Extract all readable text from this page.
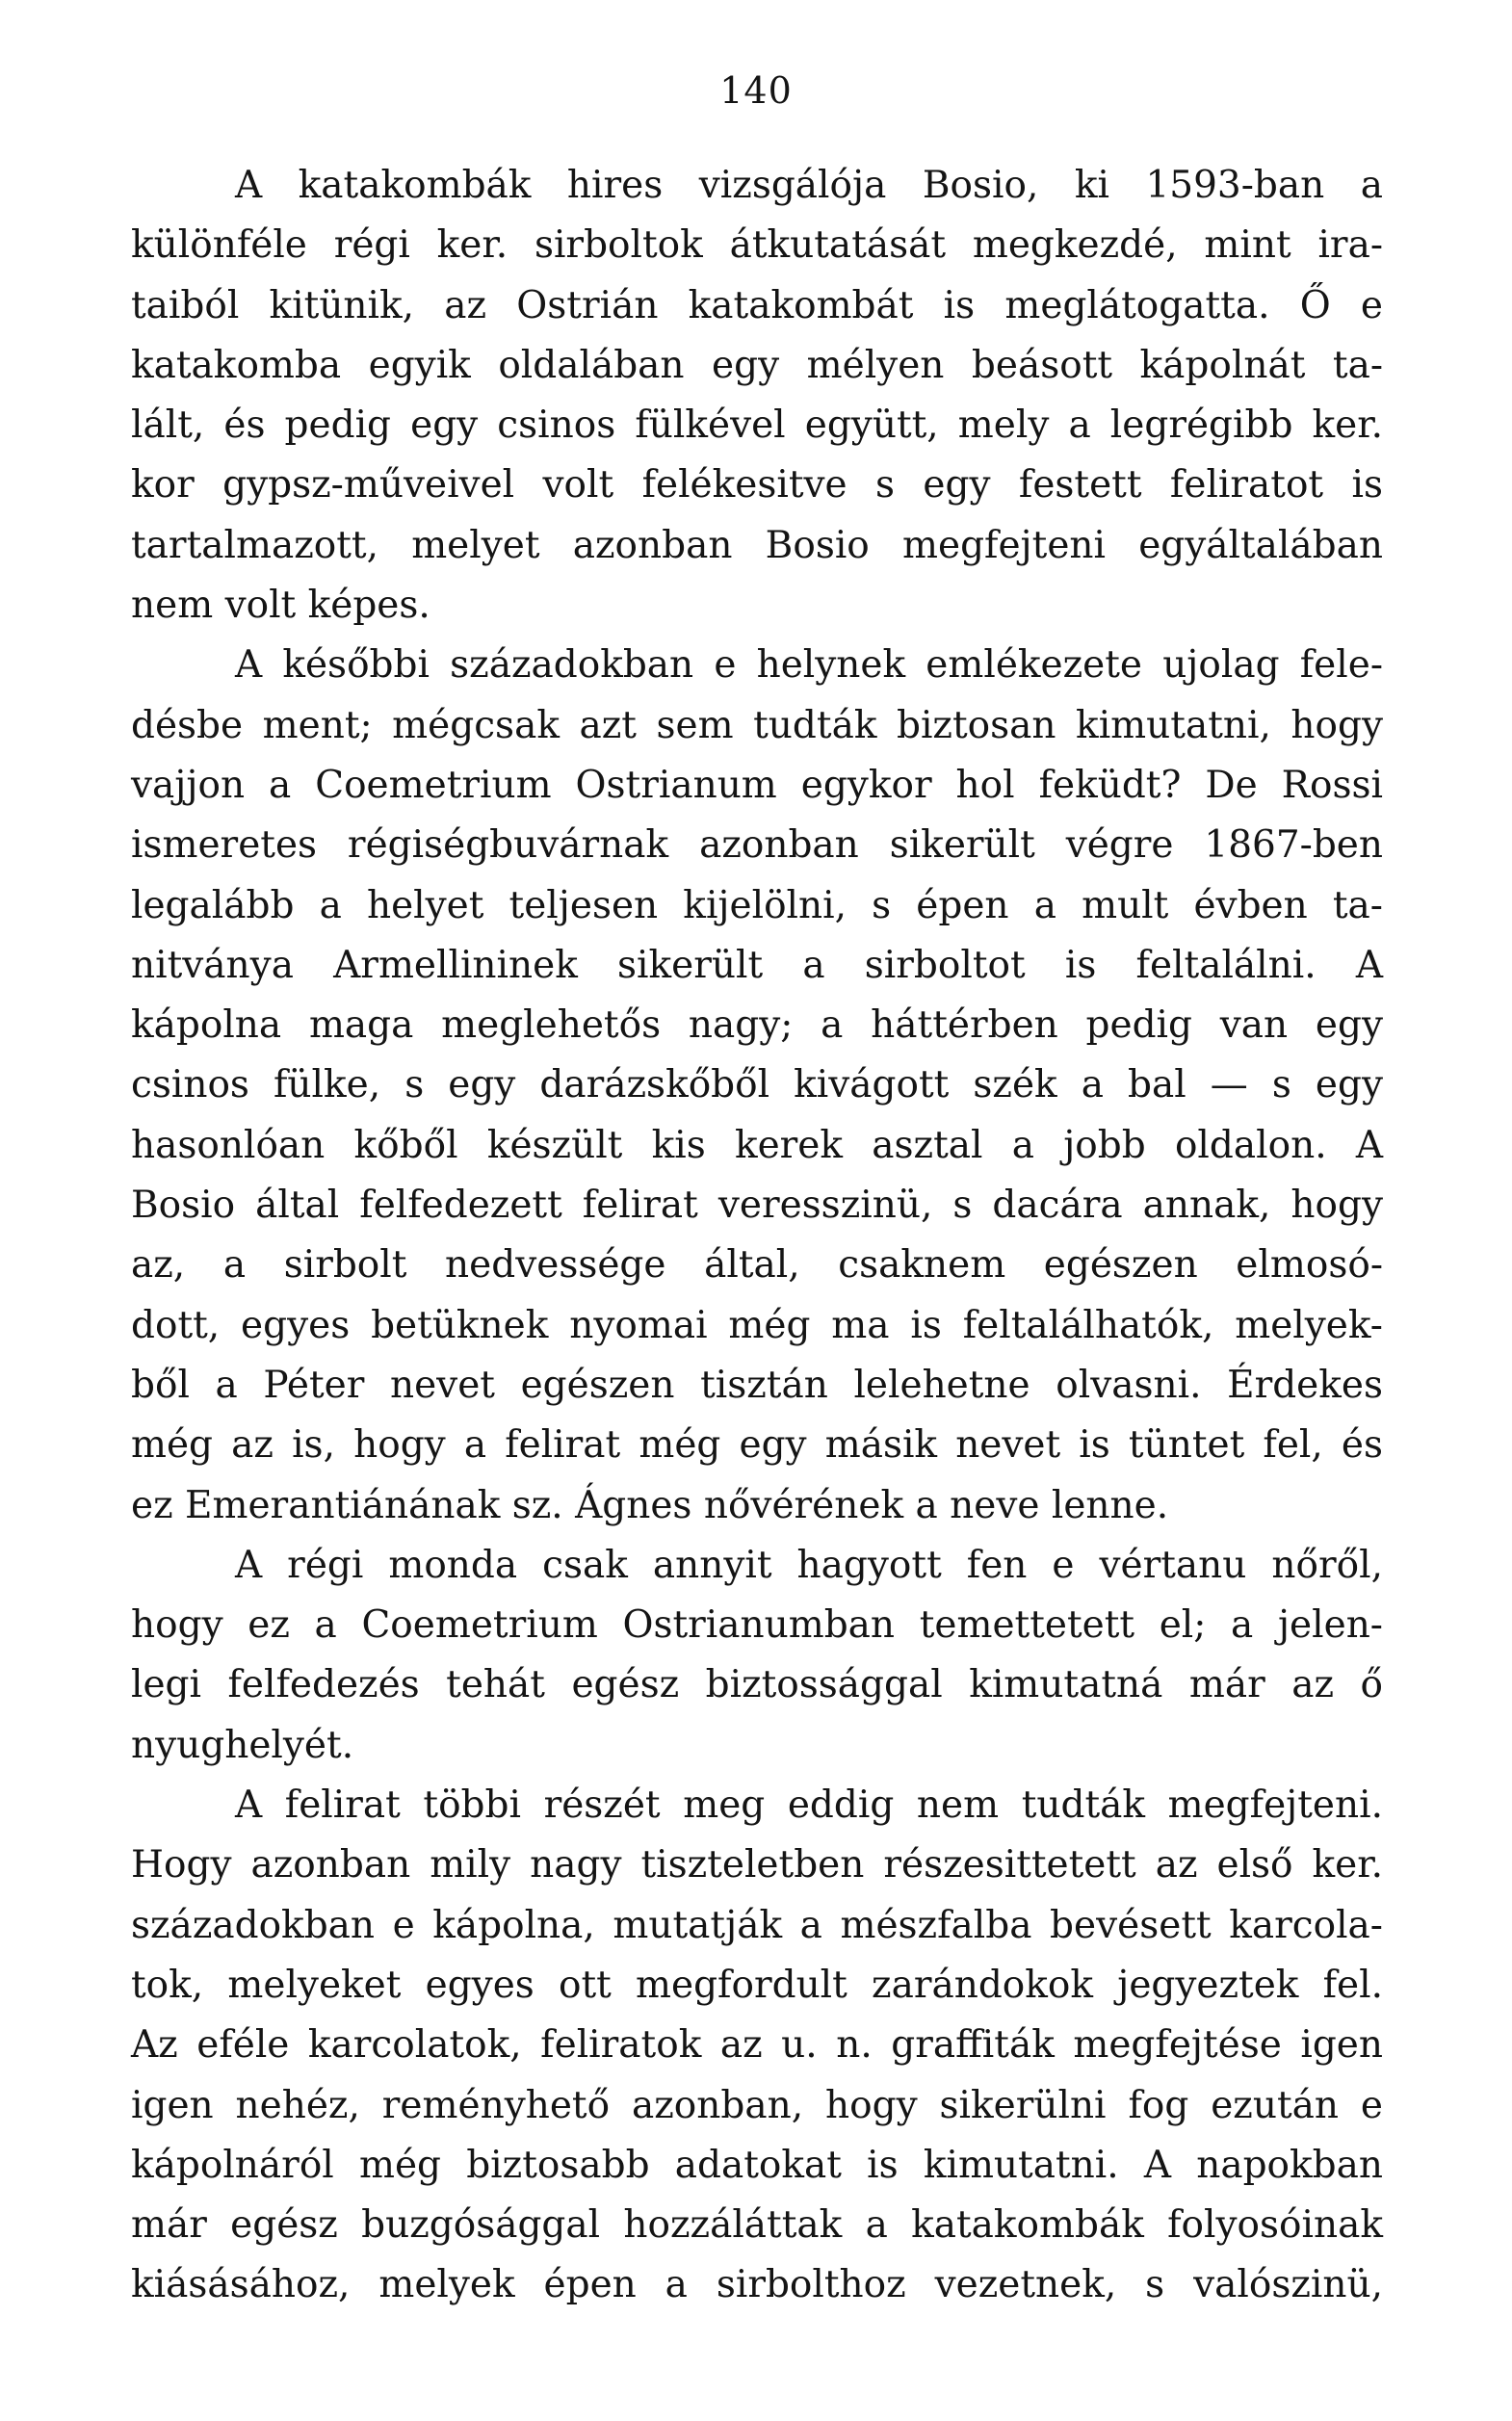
140
A katakombák hires vizsgálója Bosio, ki 1593-ban a
különféle régi ker. sirboltok átkutatását megkezdé, mint ira-
taiból kitünik, az Ostrián katakombát is meglátogatta. Ő e
katakomba egyik oldalában egy mélyen beásott kápolnát ta-
lált, és pedig egy csinos fülkével együtt, mely a legrégibb ker.
kor gypsz-műveivel volt felékesitve s egy festett feliratot is
tartalmazott, melyet azonban Bosio megfejteni egyáltalában
nem volt képes.
A későbbi századokban e helynek emlékezete ujolag fele-
désbe ment; mégcsak azt sem tudták biztosan kimutatni, hogy
vajjon a Coemetrium Ostrianum egykor hol feküdt? De Rossi
ismeretes régiségbuvárnak azonban sikerült végre 1867-ben
legalább a helyet teljesen kijelölni, s épen a mult évben ta-
nitványa Armellininek sikerült a sirboltot is feltalálni. A
kápolna maga meglehetős nagy; a háttérben pedig van egy
csinos fülke, s egy darázskőből kivágott szék a bal — s egy
hasonlóan kőből készült kis kerek asztal a jobb oldalon. A
Bosio által felfedezett felirat veresszinü, s dacára annak, hogy
az, a sirbolt nedvessége által, csaknem egészen elmosó-
dott, egyes betüknek nyomai még ma is feltalálhatók, melyek-
ből a Péter nevet egészen tisztán lelehetne olvasni. Érdekes
még az is, hogy a felirat még egy másik nevet is tüntet fel, és
ez Emerantiánának sz. Ágnes nővérének a neve lenne.
A régi monda csak annyit hagyott fen e vértanu nőről,
hogy ez a Coemetrium Ostrianumban temettetett el; a jelen-
legi felfedezés tehát egész biztossággal kimutatná már az ő
nyughelyét.
A felirat többi részét meg eddig nem tudták megfejteni.
Hogy azonban mily nagy tiszteletben részesittetett az első ker.
századokban e kápolna, mutatják a mészfalba bevésett karcola-
tok, melyeket egyes ott megfordult zarándokok jegyeztek fel.
Az eféle karcolatok, feliratok az u. n. graffiták megfejtése igen
igen nehéz, reményhető azonban, hogy sikerülni fog ezután e
kápolnáról még biztosabb adatokat is kimutatni. A napokban
már egész buzgósággal hozzáláttak a katakombák folyosóinak
kiásásához, melyek épen a sirbolthoz vezetnek, s valószinü,
